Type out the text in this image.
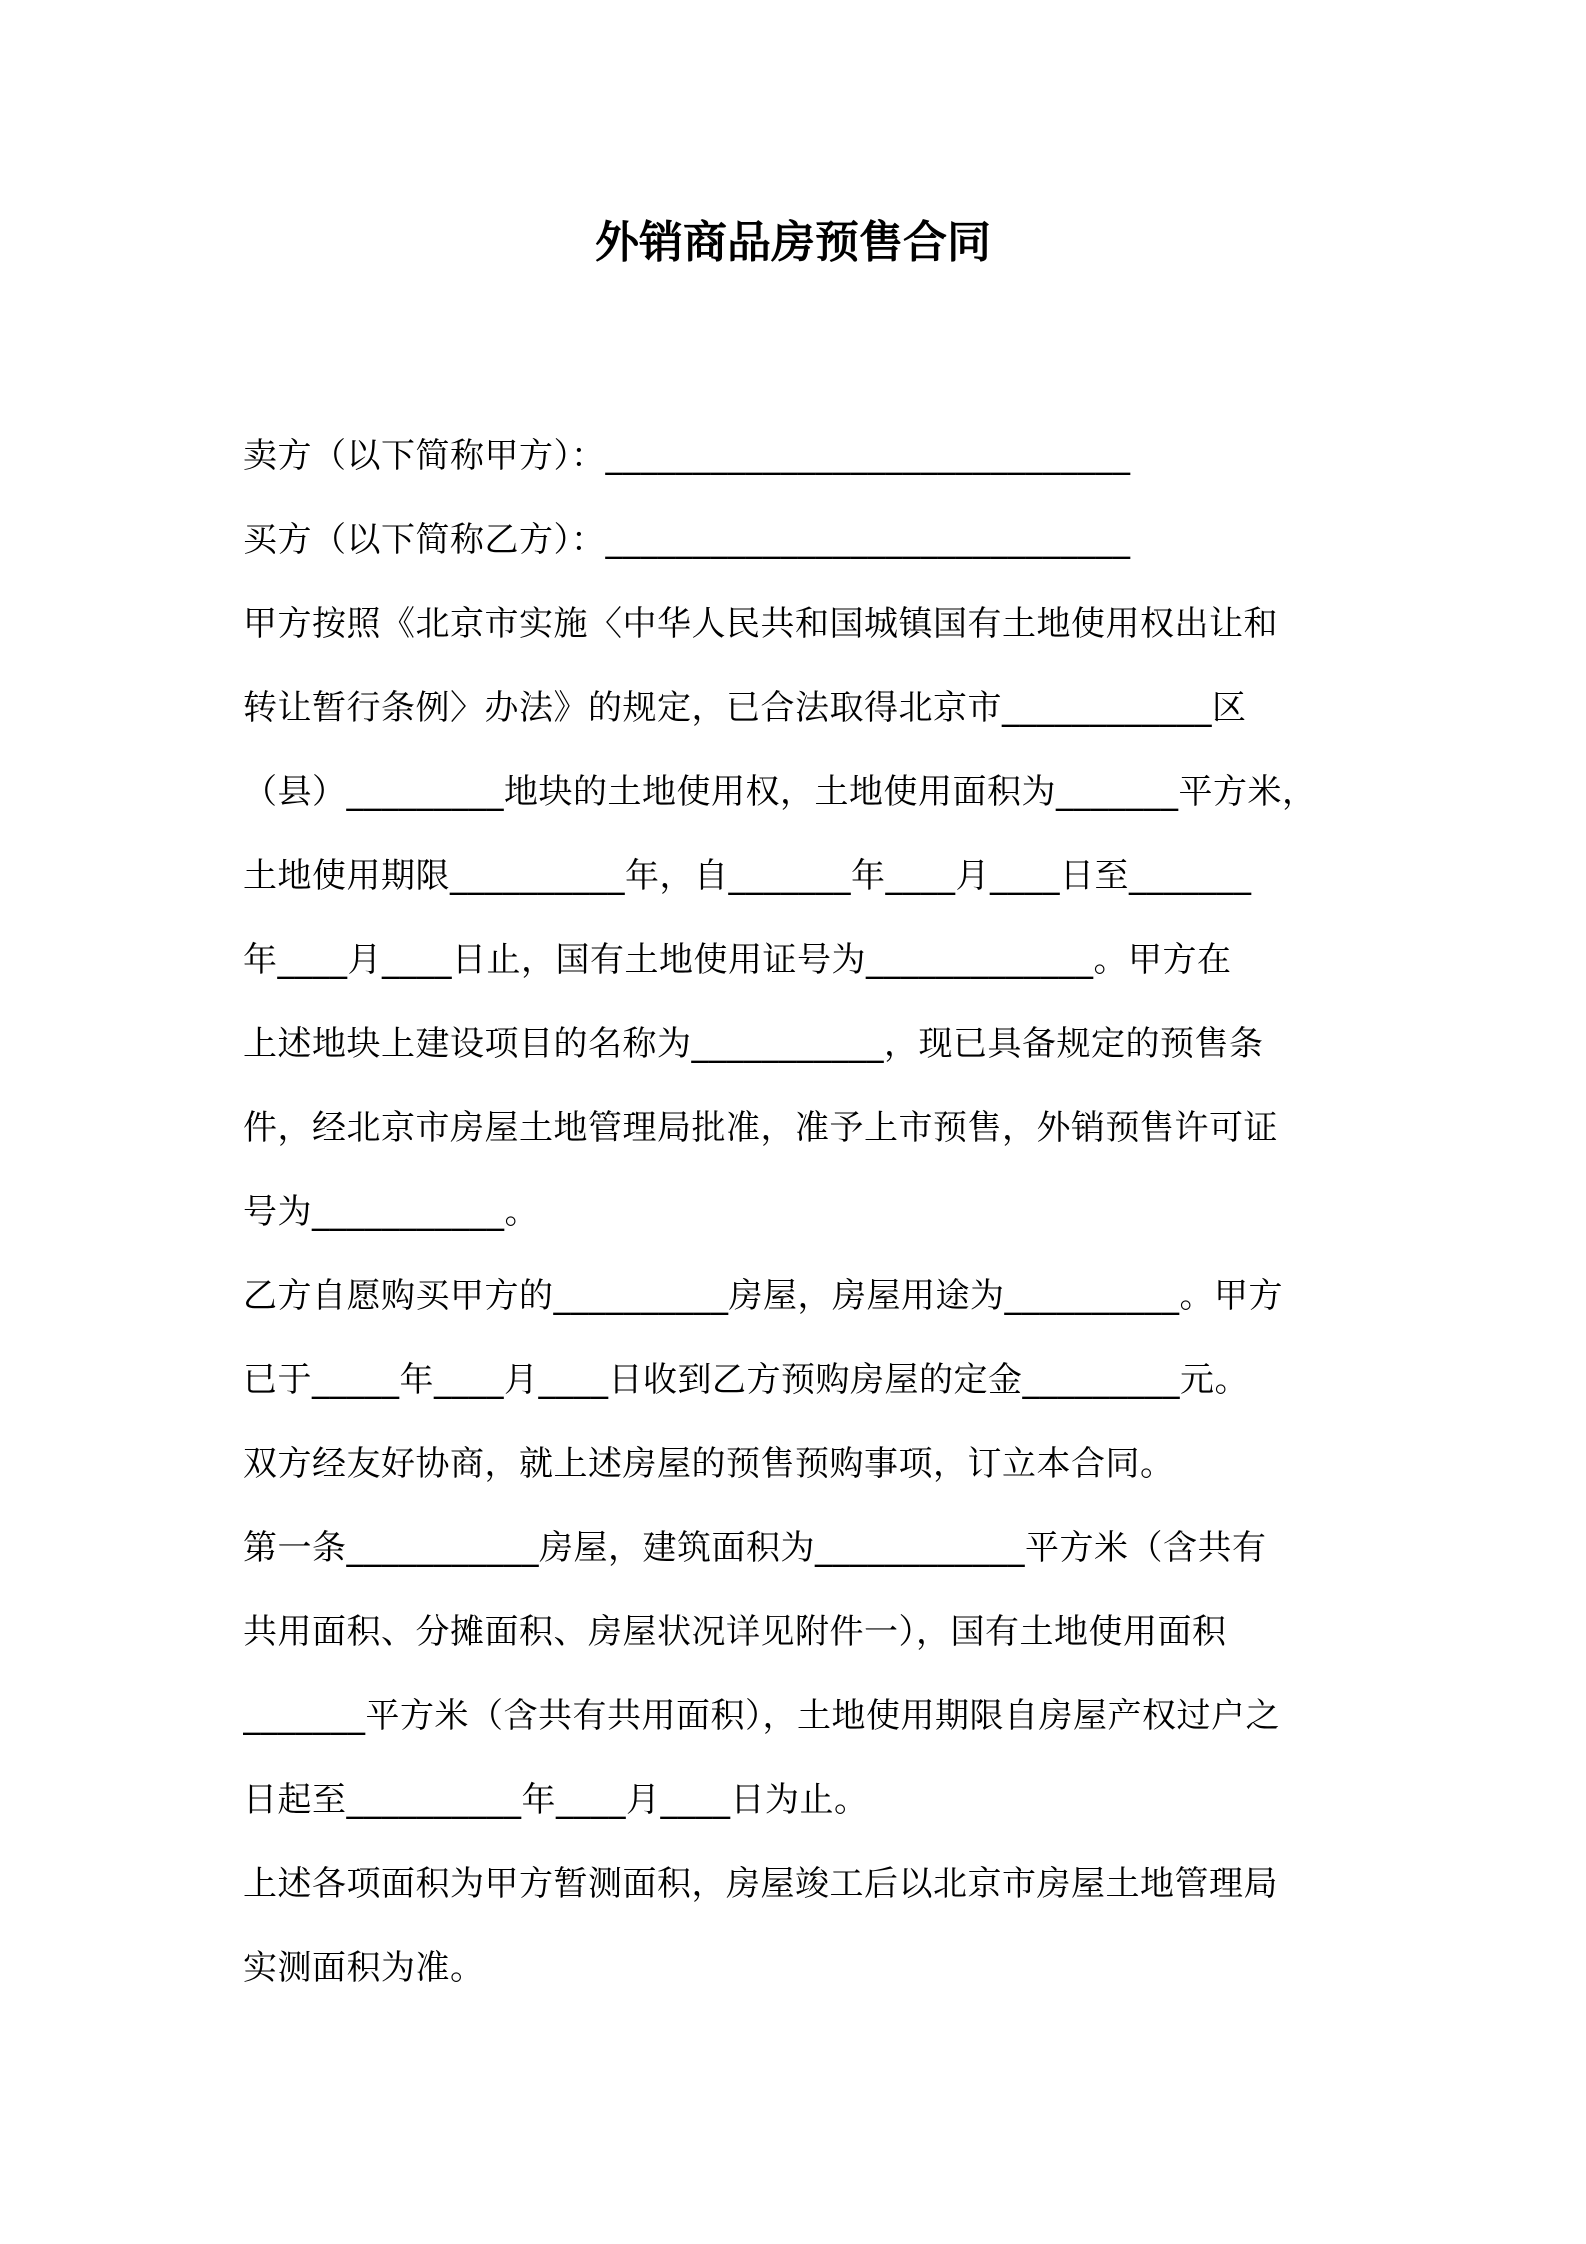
外销商品房预售合同
卖方（以下简称甲方）：______________________________
买方（以下简称乙方）：______________________________
甲方按照《北京市实施〈中华人民共和国城镇国有土地使用权出让和
转让暂行条例〉办法》的规定，已合法取得北京市____________区
（县）_________地块的土地使用权，土地使用面积为_______平方米，
土地使用期限__________年，自_______年____月____日至_______
年____月____日止，国有土地使用证号为_____________。甲方在
上述地块上建设项目的名称为___________，现已具备规定的预售条
件，经北京市房屋土地管理局批准，准予上市预售，外销预售许可证
号为___________。
乙方自愿购买甲方的__________房屋，房屋用途为__________。甲方
已于_____年____月____日收到乙方预购房屋的定金_________元。
双方经友好协商，就上述房屋的预售预购事项，订立本合同。
第一条___________房屋，建筑面积为____________平方米（含共有
共用面积、分摊面积、房屋状况详见附件一），国有土地使用面积
_______平方米（含共有共用面积），土地使用期限自房屋产权过户之
日起至__________年____月____日为止。
上述各项面积为甲方暂测面积，房屋竣工后以北京市房屋土地管理局
实测面积为准。
